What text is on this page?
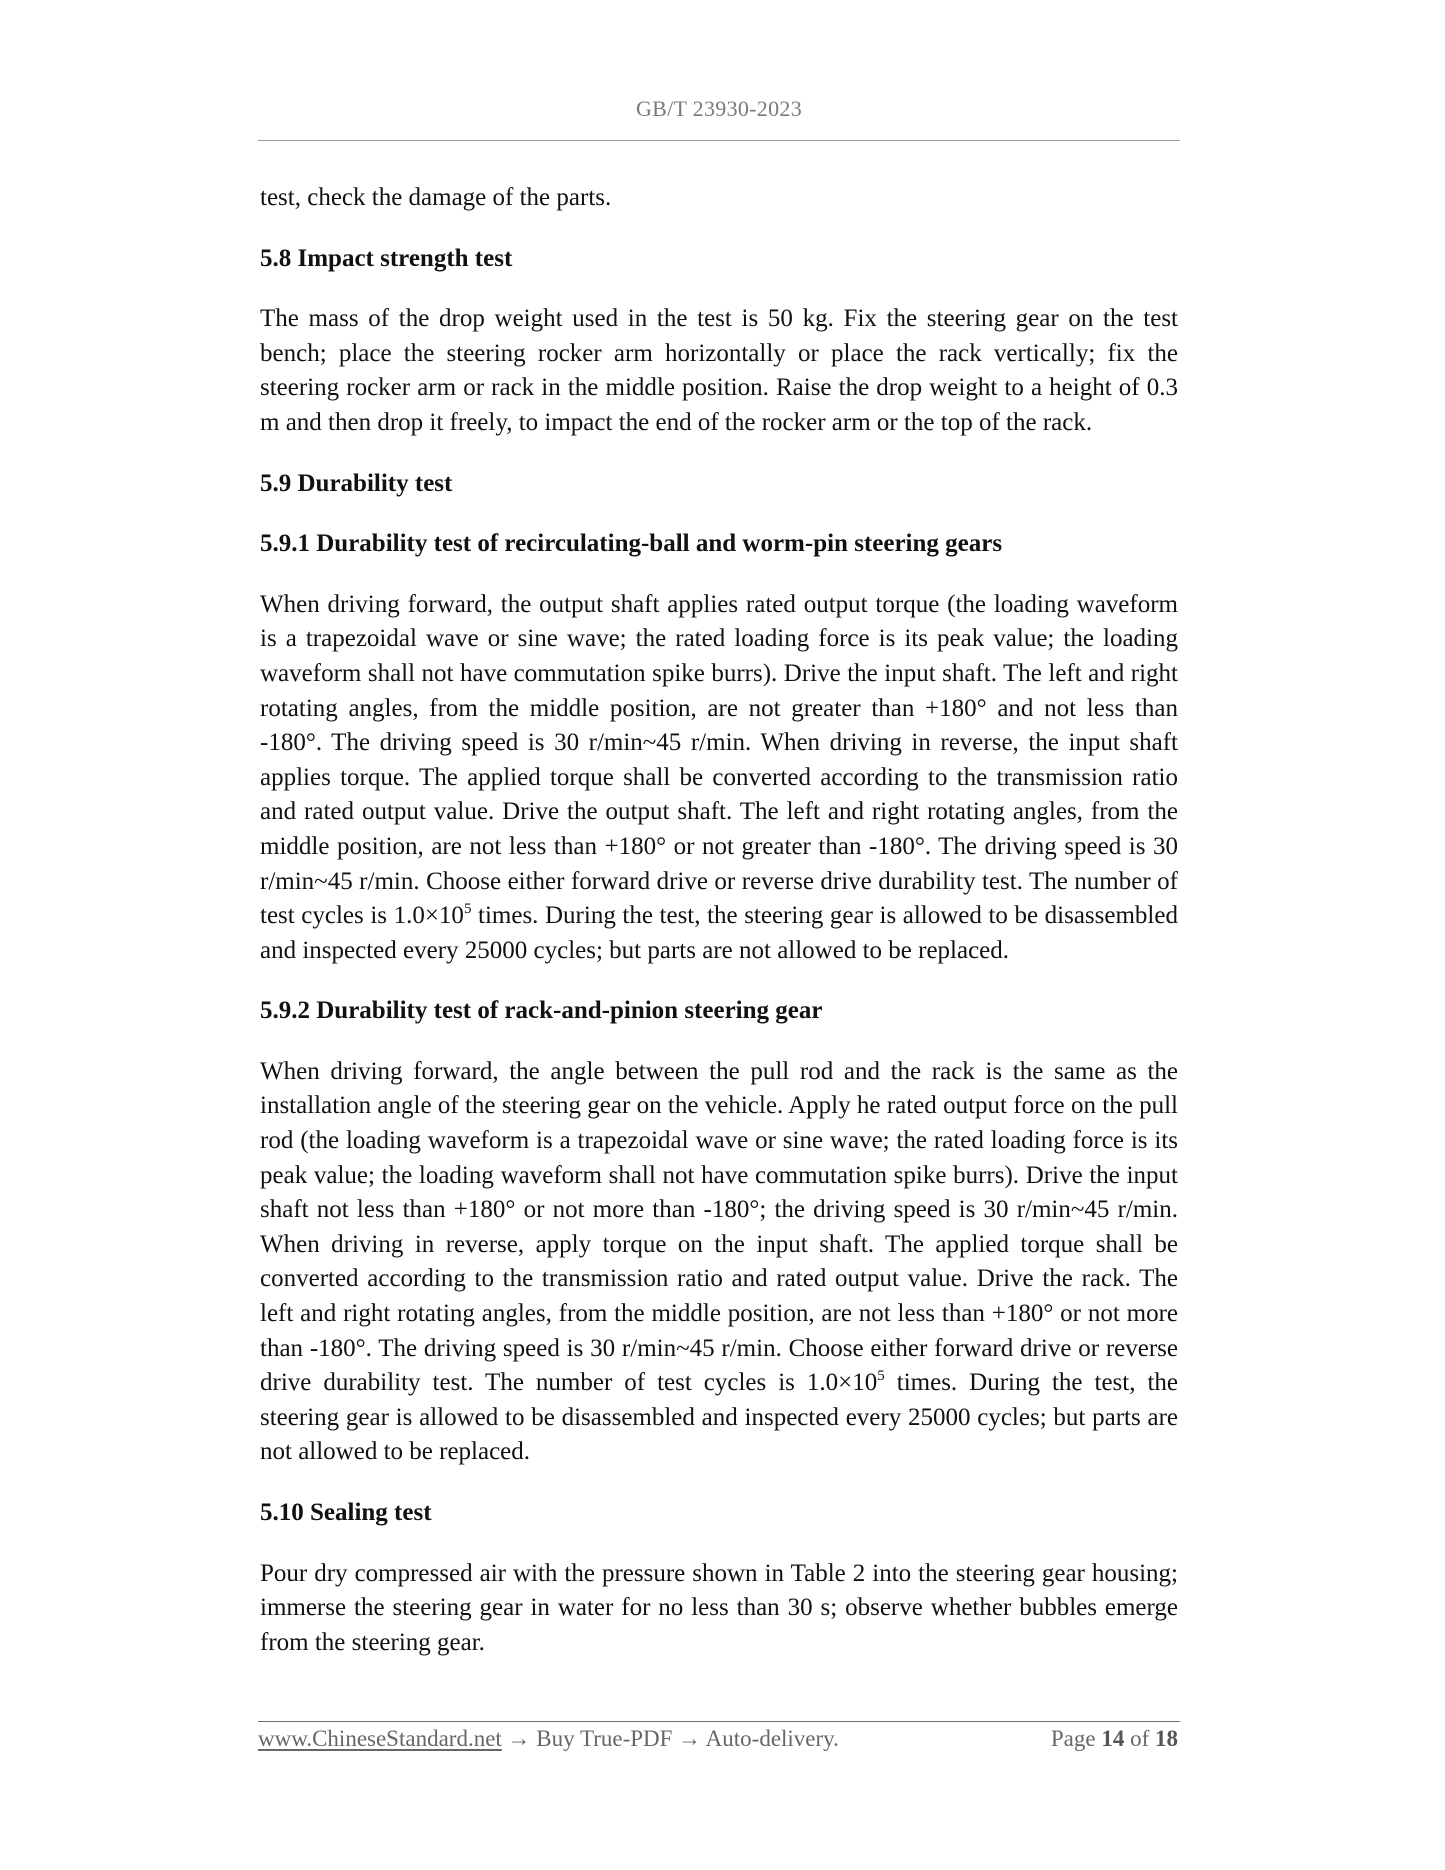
GB/T 23930-2023

test, check the damage of the parts.

5.8 Impact strength test

The mass of the drop weight used in the test is 50 kg. Fix the steering gear on the test bench; place the steering rocker arm horizontally or place the rack vertically; fix the steering rocker arm or rack in the middle position. Raise the drop weight to a height of 0.3 m and then drop it freely, to impact the end of the rocker arm or the top of the rack.

5.9 Durability test

5.9.1 Durability test of recirculating-ball and worm-pin steering gears

When driving forward, the output shaft applies rated output torque (the loading waveform is a trapezoidal wave or sine wave; the rated loading force is its peak value; the loading waveform shall not have commutation spike burrs). Drive the input shaft. The left and right rotating angles, from the middle position, are not greater than +180° and not less than -180°. The driving speed is 30 r/min~45 r/min. When driving in reverse, the input shaft applies torque. The applied torque shall be converted according to the transmission ratio and rated output value. Drive the output shaft. The left and right rotating angles, from the middle position, are not less than +180° or not greater than -180°. The driving speed is 30 r/min~45 r/min. Choose either forward drive or reverse drive durability test. The number of test cycles is $1.0\times 10^5$ times. During the test, the steering gear is allowed to be disassembled and inspected every 25000 cycles; but parts are not allowed to be replaced.

5.9.2 Durability test of rack-and-pinion steering gear

When driving forward, the angle between the pull rod and the rack is the same as the installation angle of the steering gear on the vehicle. Apply he rated output force on the pull rod (the loading waveform is a trapezoidal wave or sine wave; the rated loading force is its peak value; the loading waveform shall not have commutation spike burrs). Drive the input shaft not less than +180° or not more than -180°; the driving speed is 30 r/min~45 r/min. When driving in reverse, apply torque on the input shaft. The applied torque shall be converted according to the transmission ratio and rated output value. Drive the rack. The left and right rotating angles, from the middle position, are not less than +180° or not more than -180°. The driving speed is 30 r/min~45 r/min. Choose either forward drive or reverse drive durability test. The number of test cycles is $1.0\times 10^5$ times. During the test, the steering gear is allowed to be disassembled and inspected every 25000 cycles; but parts are not allowed to be replaced.

5.10 Sealing test

Pour dry compressed air with the pressure shown in Table 2 into the steering gear housing; immerse the steering gear in water for no less than 30 s; observe whether bubbles emerge from the steering gear.

www.ChineseStandard.net → Buy True-PDF → Auto-delivery.	Page 14 of 18
